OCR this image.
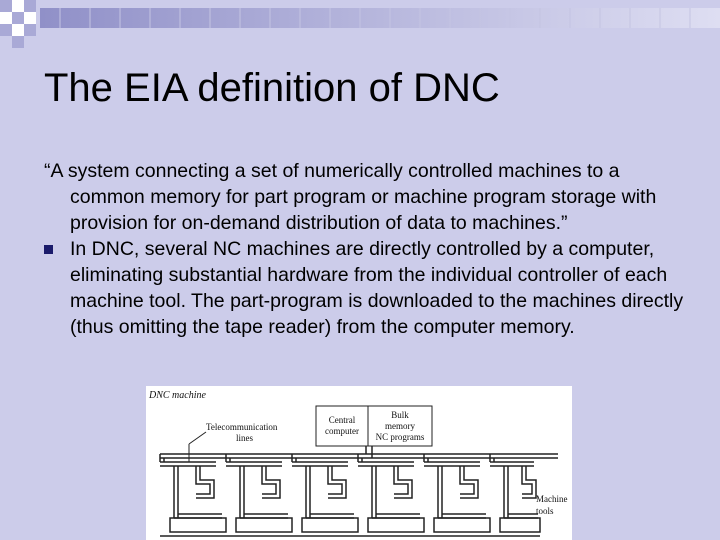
The EIA definition of DNC

“A system connecting a set of numerically controlled machines to a common memory for part program or machine program storage with provision for on-demand distribution of data to machines.”

In DNC, several NC machines are directly controlled by a computer, eliminating substantial hardware from the individual controller of each machine tool. The part-program is downloaded to the machines directly (thus omitting the tape reader) from the computer memory.
DNC machine
Central
computer
Bulk
memory
NC programs
Telecommunication
lines
Machine
tools
